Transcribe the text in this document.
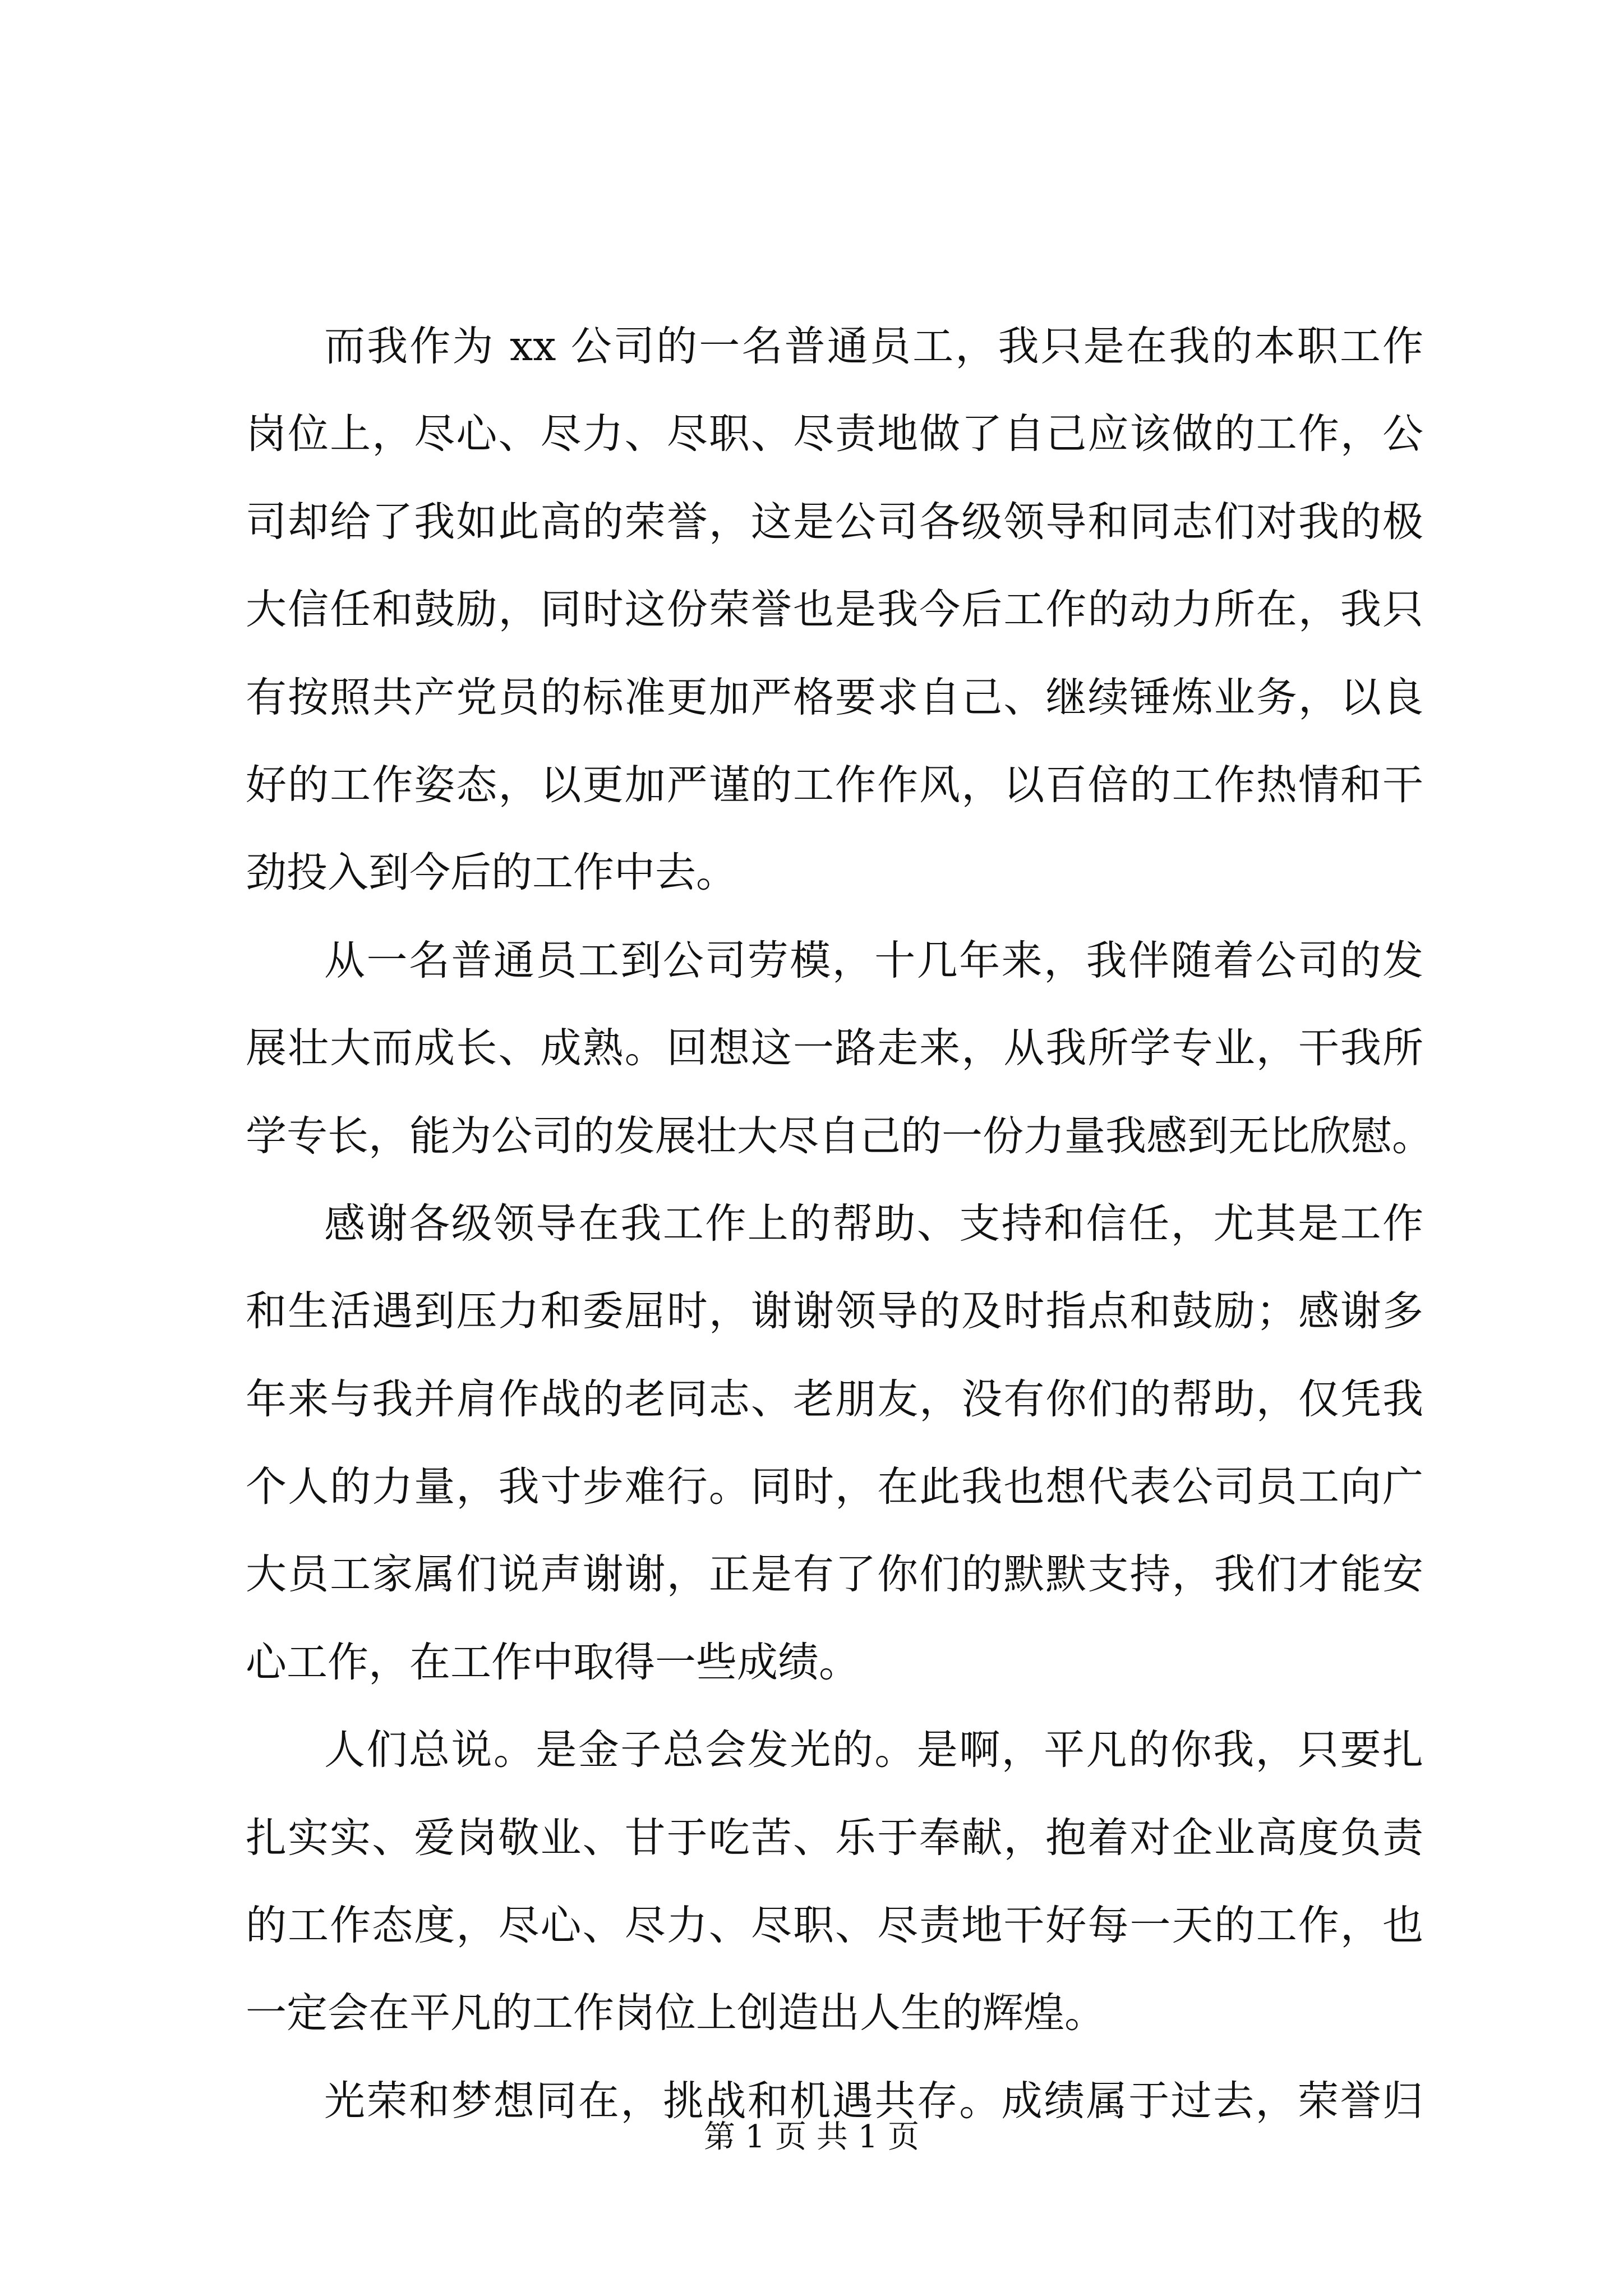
而我作为 xx 公司的一名普通员工，我只是在我的本职工作
岗位上，尽心、尽力、尽职、尽责地做了自己应该做的工作，公
司却给了我如此高的荣誉，这是公司各级领导和同志们对我的极
大信任和鼓励，同时这份荣誉也是我今后工作的动力所在，我只
有按照共产党员的标准更加严格要求自己、继续锤炼业务，以良
好的工作姿态，以更加严谨的工作作风，以百倍的工作热情和干
劲投入到今后的工作中去。
从一名普通员工到公司劳模，十几年来，我伴随着公司的发
展壮大而成长、成熟。回想这一路走来，从我所学专业，干我所
学专长，能为公司的发展壮大尽自己的一份力量我感到无比欣慰。
感谢各级领导在我工作上的帮助、支持和信任，尤其是工作
和生活遇到压力和委屈时，谢谢领导的及时指点和鼓励；感谢多
年来与我并肩作战的老同志、老朋友，没有你们的帮助，仅凭我
个人的力量，我寸步难行。同时，在此我也想代表公司员工向广
大员工家属们说声谢谢，正是有了你们的默默支持，我们才能安
心工作，在工作中取得一些成绩。
人们总说。是金子总会发光的。是啊，平凡的你我，只要扎
扎实实、爱岗敬业、甘于吃苦、乐于奉献，抱着对企业高度负责
的工作态度，尽心、尽力、尽职、尽责地干好每一天的工作，也
一定会在平凡的工作岗位上创造出人生的辉煌。
光荣和梦想同在，挑战和机遇共存。成绩属于过去，荣誉归
第 1 页 共 1 页
